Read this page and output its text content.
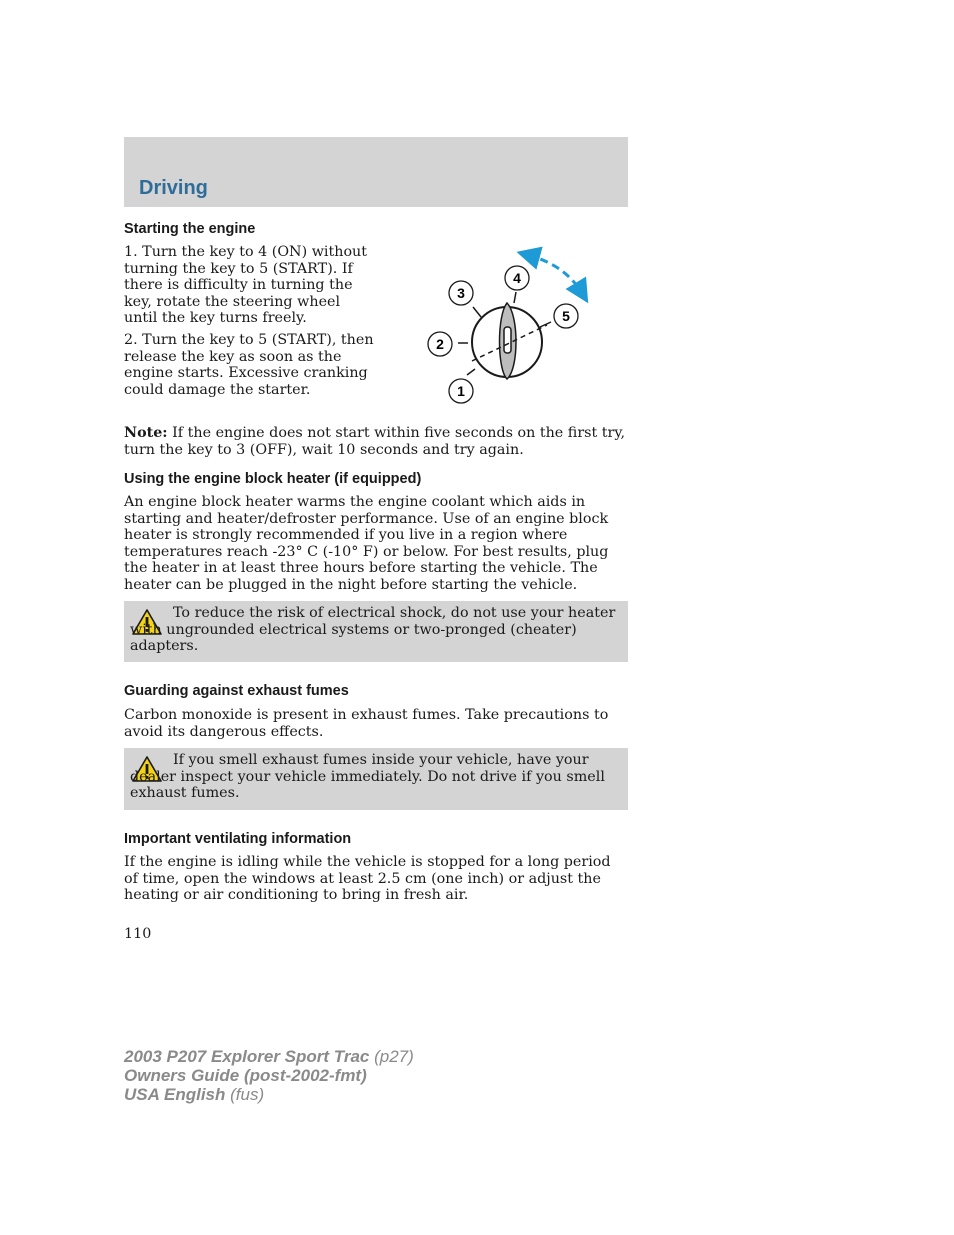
Driving
Starting the engine
1. Turn the key to 4 (ON) without turning the key to 5 (START). If there is difficulty in turning the key, rotate the steering wheel until the key turns freely.
2. Turn the key to 5 (START), then release the key as soon as the engine starts. Excessive cranking could damage the starter.
3
4
5
2
1
Note: If the engine does not start within five seconds on the first try, turn the key to 3 (OFF), wait 10 seconds and try again.
Using the engine block heater (if equipped)
An engine block heater warms the engine coolant which aids in starting and heater/defroster performance. Use of an engine block heater is strongly recommended if you live in a region where temperatures reach -23° C (-10° F) or below. For best results, plug the heater in at least three hours before starting the vehicle. The heater can be plugged in the night before starting the vehicle.
To reduce the risk of electrical shock, do not use your heater with ungrounded electrical systems or two-pronged (cheater) adapters.
Guarding against exhaust fumes
Carbon monoxide is present in exhaust fumes. Take precautions to avoid its dangerous effects.
If you smell exhaust fumes inside your vehicle, have your dealer inspect your vehicle immediately. Do not drive if you smell exhaust fumes.
Important ventilating information
If the engine is idling while the vehicle is stopped for a long period of time, open the windows at least 2.5 cm (one inch) or adjust the heating or air conditioning to bring in fresh air.
110
2003 P207 Explorer Sport Trac (p27)
Owners Guide (post-2002-fmt)
USA English (fus)
